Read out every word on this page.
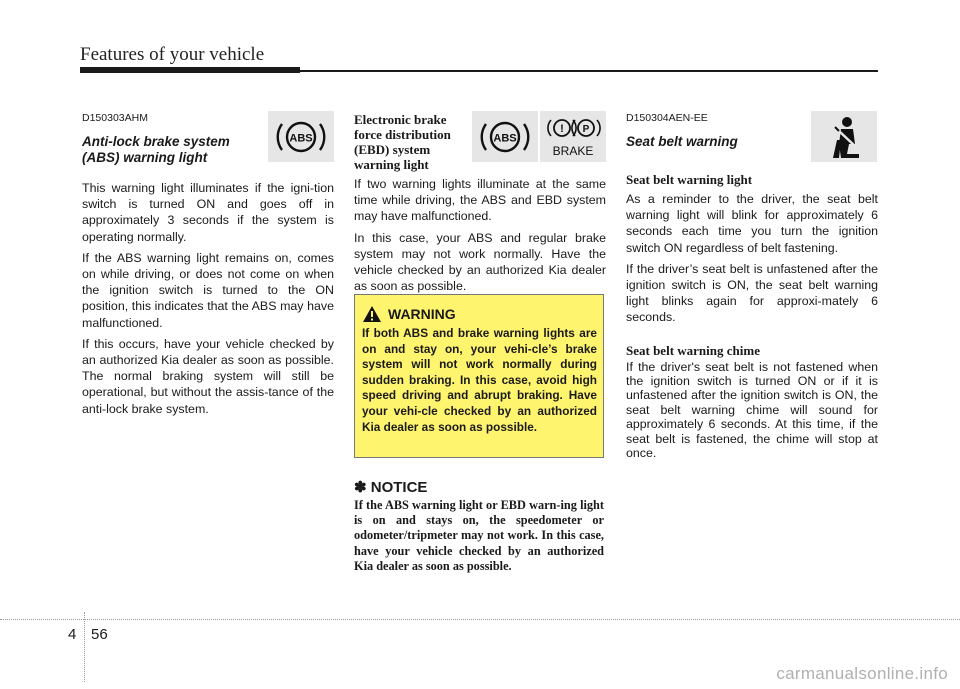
Features of your vehicle
D150303AHM
Anti-lock brake system
(ABS) warning light

This warning light illuminates if the igni-tion switch is turned ON and goes off in approximately 3 seconds if the system is operating normally.

If the ABS warning light remains on, comes on while driving, or does not come on when the ignition switch is turned to the ON position, this indicates that the ABS may have malfunctioned.

If this occurs, have your vehicle checked by an authorized Kia dealer as soon as possible. The normal braking system will still be operational, but without the assis-tance of the anti-lock brake system.

ABS
Electronic brake
force distribution
(EBD) system
warning light

If two warning lights illuminate at the same time while driving, the ABS and EBD system may have malfunctioned.

In this case, your ABS and regular brake system may not work normally. Have the vehicle checked by an authorized Kia dealer as soon as possible.

ABS
! P
BRAKE
WARNING
If both ABS and brake warning lights are on and stay on, your vehi-cle’s brake system will not work normally during sudden braking. In this case, avoid high speed driving and abrupt braking. Have your vehi-cle checked by an authorized Kia dealer as soon as possible.
✽ NOTICE
If the ABS warning light or EBD warn-ing light is on and stays on, the speedometer or odometer/tripmeter may not work. In this case, have your vehicle checked by an authorized Kia dealer as soon as possible.
D150304AEN-EE
Seat belt warning
Seat belt warning light

As a reminder to the driver, the seat belt warning light will blink for approximately 6 seconds each time you turn the ignition switch ON regardless of belt fastening.

If the driver’s seat belt is unfastened after the ignition switch is ON, the seat belt warning light blinks again for approxi-mately 6 seconds.

Seat belt warning chime

If the driver's seat belt is not fastened when the ignition switch is turned ON or if it is unfastened after the ignition switch is ON, the seat belt warning chime will sound for approximately 6 seconds. At this time, if the seat belt is fastened, the chime will stop at once.

4 56
carmanualsonline.info
